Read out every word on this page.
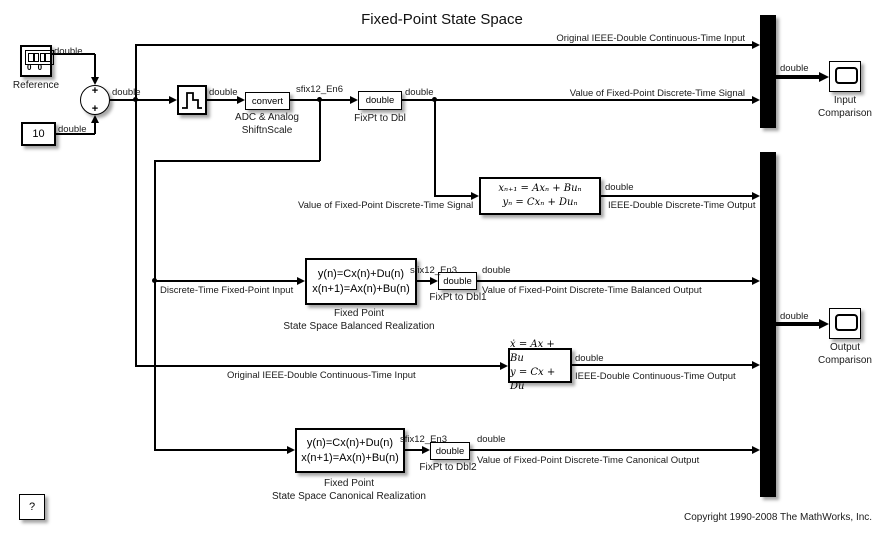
Fixed-Point State Space
0 0
Reference
10
+
+
convert
ADC & Analog
ShiftnScale
double
FixPt to Dbl
xₙ₊₁ = Axₙ + Buₙ
yₙ = Cxₙ + Duₙ
y(n)=Cx(n)+Du(n)
x(n+1)=Ax(n)+Bu(n)
Fixed Point
State Space Balanced Realization
double
FixPt to Dbl1
ẋ = Ax + Bu
y = Cx + Du
y(n)=Cx(n)+Du(n)
x(n+1)=Ax(n)+Bu(n)
Fixed Point
State Space Canonical Realization
double
FixPt to Dbl2
Input
Comparison
Output
Comparison
?
double
double
double	double	sfix12_En6	double
Original IEEE-Double Continuous-Time Input
Value of Fixed-Point Discrete-Time Signal
double
Value of Fixed-Point Discrete-Time Signal
double
IEEE-Double Discrete-Time Output
Discrete-Time Fixed-Point Input
sfix12_En3	double
Value of Fixed-Point Discrete-Time Balanced Output
Original IEEE-Double Continuous-Time Input
double
IEEE-Double Continuous-Time Output
sfix12_En3	double
Value of Fixed-Point Discrete-Time Canonical Output
double
Copyright 1990-2008 The MathWorks, Inc.
